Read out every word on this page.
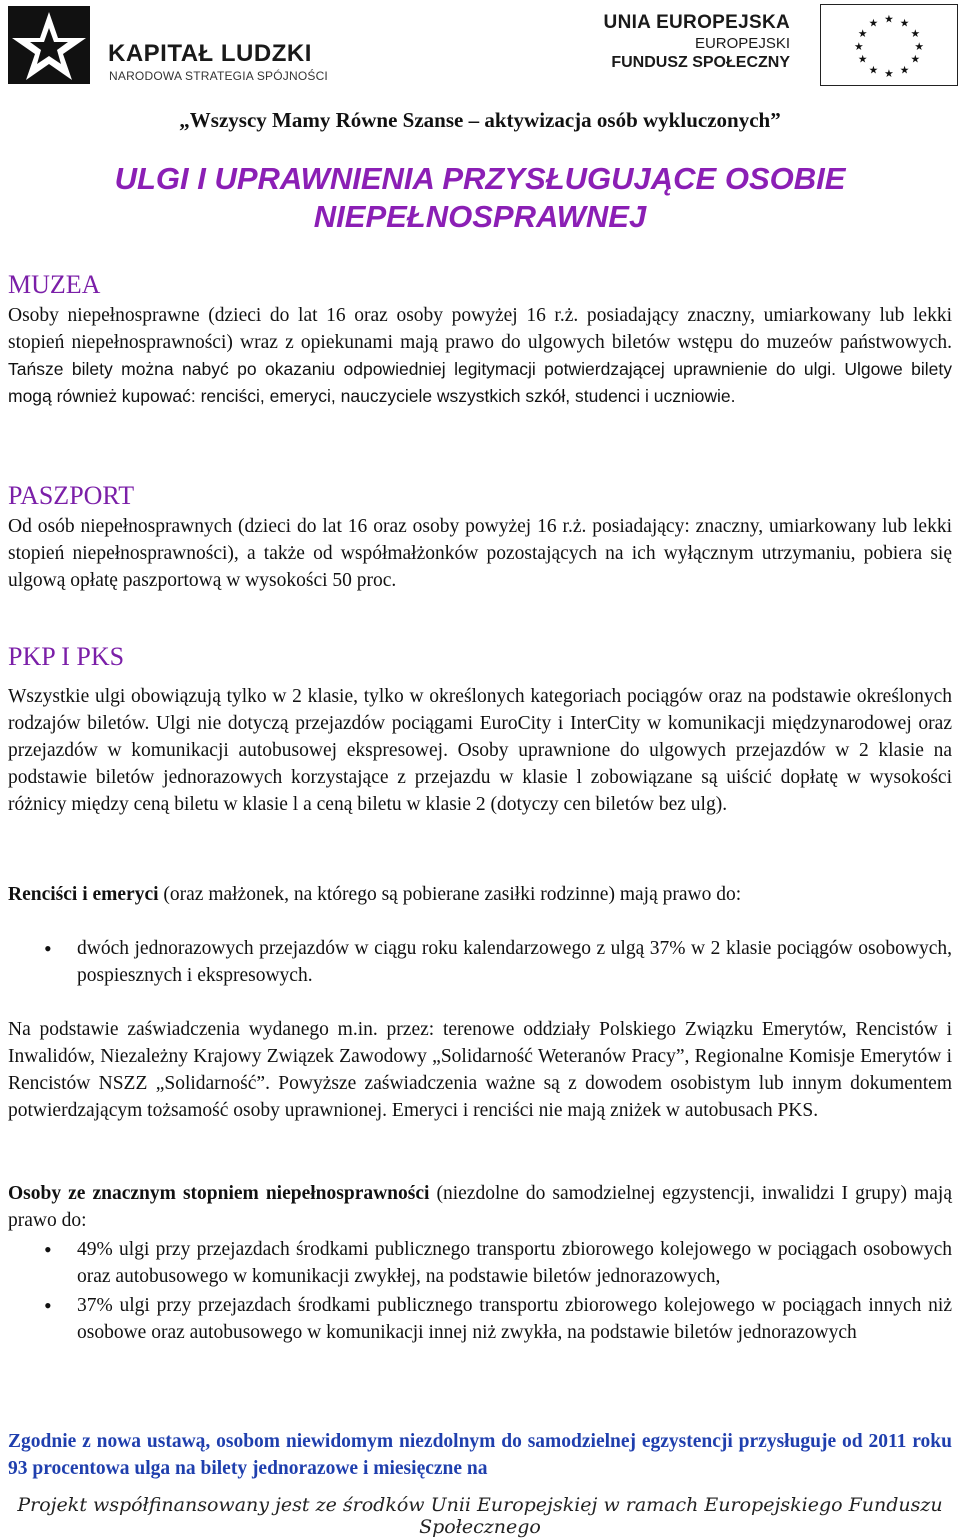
KAPITAŁ LUDZKI
NARODOWA STRATEGIA SPÓJNOŚCI
UNIA EUROPEJSKA
EUROPEJSKI
FUNDUSZ SPOŁECZNY
★ ★
★
★
★
★
★
★
★
★
★
★
„Wszyscy Mamy Równe Szanse – aktywizacja osób wykluczonych”
ULGI I UPRAWNIENIA PRZYSŁUGUJĄCE OSOBIE NIEPEŁNOSPRAWNEJ
MUZEA
Osoby niepełnosprawne (dzieci do lat 16 oraz osoby powyżej 16 r.ż. posiadający znaczny, umiarkowany lub lekki stopień niepełnosprawności) wraz z opiekunami mają prawo do ulgowych biletów wstępu do muzeów państwowych. Tańsze bilety można nabyć po okazaniu odpowiedniej legitymacji potwierdzającej uprawnienie do ulgi. Ulgowe bilety mogą również kupować: renciści, emeryci, nauczyciele wszystkich szkół, studenci i uczniowie.
PASZPORT
Od osób niepełnosprawnych (dzieci do lat 16 oraz osoby powyżej 16 r.ż. posiadający: znaczny, umiarkowany lub lekki stopień niepełnosprawności), a także od współmałżonków pozostających na ich wyłącznym utrzymaniu, pobiera się ulgową opłatę paszportową w wysokości 50 proc.
PKP I PKS
Wszystkie ulgi obowiązują tylko w 2 klasie, tylko w określonych kategoriach pociągów oraz na podstawie określonych rodzajów biletów. Ulgi nie dotyczą przejazdów pociągami EuroCity i InterCity w komunikacji międzynarodowej oraz przejazdów w komunikacji autobusowej ekspresowej. Osoby uprawnione do ulgowych przejazdów w 2 klasie na podstawie biletów jednorazowych korzystające z przejazdu w klasie l zobowiązane są uiścić dopłatę w wysokości różnicy między ceną biletu w klasie l a ceną biletu w klasie 2 (dotyczy cen biletów bez ulg).
Renciści i emeryci (oraz małżonek, na którego są pobierane zasiłki rodzinne) mają prawo do:
• dwóch jednorazowych przejazdów w ciągu roku kalendarzowego z ulgą 37% w 2 klasie pociągów osobowych, pospiesznych i ekspresowych.
Na podstawie zaświadczenia wydanego m.in. przez: terenowe oddziały Polskiego Związku Emerytów, Rencistów i Inwalidów, Niezależny Krajowy Związek Zawodowy „Solidarność Weteranów Pracy”, Regionalne Komisje Emerytów i Rencistów NSZZ „Solidarność”. Powyższe zaświadczenia ważne są z dowodem osobistym lub innym dokumentem potwierdzającym tożsamość osoby uprawnionej. Emeryci i renciści nie mają zniżek w autobusach PKS.
Osoby ze znacznym stopniem niepełnosprawności (niezdolne do samodzielnej egzystencji, inwalidzi I grupy) mają prawo do:
• 49% ulgi przy przejazdach środkami publicznego transportu zbiorowego kolejowego w pociągach osobowych oraz autobusowego w komunikacji zwykłej, na podstawie biletów jednorazowych,
• 37% ulgi przy przejazdach środkami publicznego transportu zbiorowego kolejowego w pociągach innych niż osobowe oraz autobusowego w komunikacji innej niż zwykła, na podstawie biletów jednorazowych
Zgodnie z nowa ustawą, osobom niewidomym niezdolnym do samodzielnej egzystencji przysługuje od 2011 roku 93 procentowa ulga na bilety jednorazowe i miesięczne na
Projekt współfinansowany jest ze środków Unii Europejskiej w ramach Europejskiego Funduszu Społecznego
